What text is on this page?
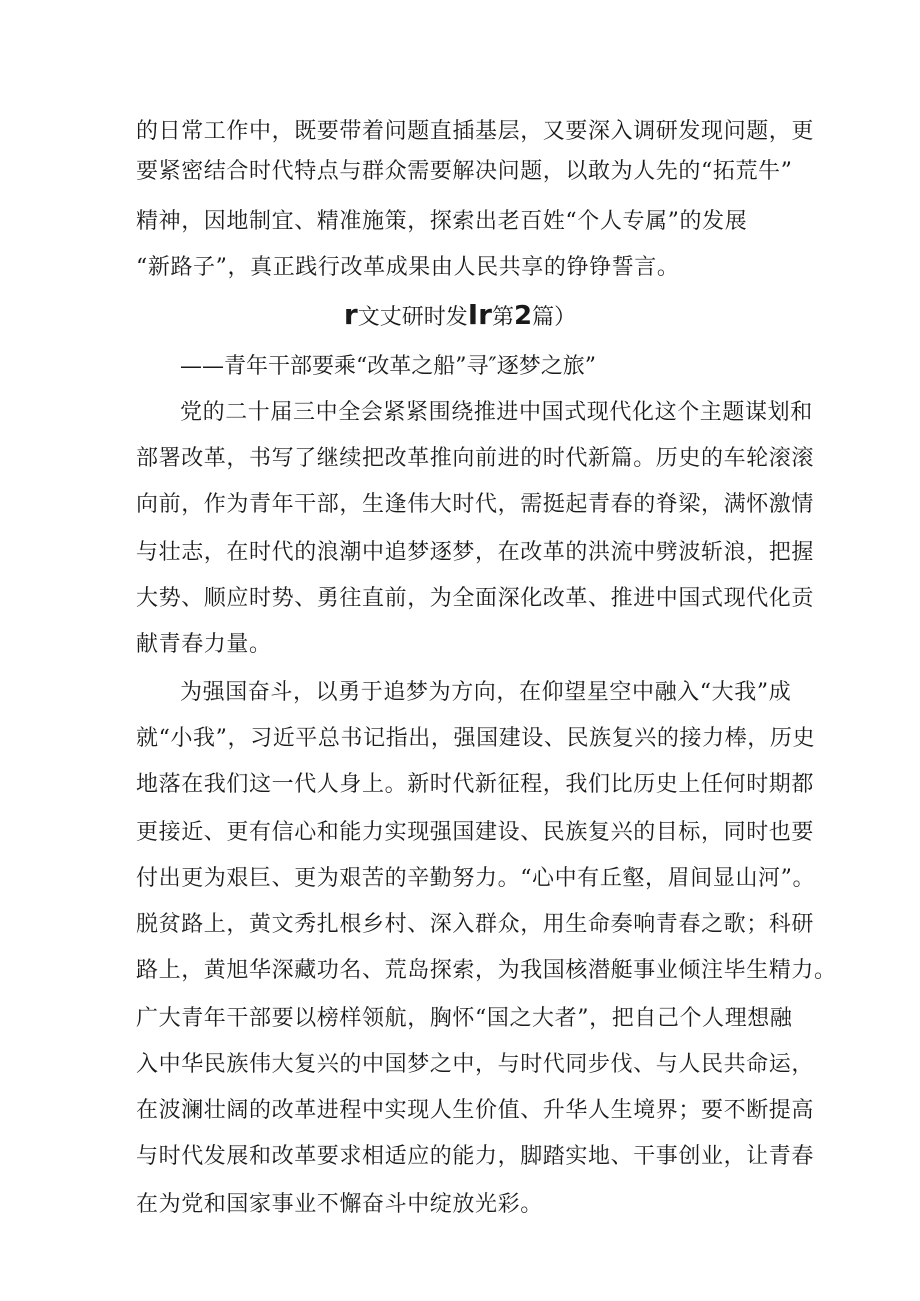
的日常工作中，既要带着问题直插基层，又要深入调研发现问题，更
要紧密结合时代特点与群众需要解决问题，以敢为人先的“拓荒牛”
精神，因地制宜、精准施策，探索出老百姓“个人专属”的发展
“新路子”，真正践行改革成果由人民共享的铮铮誓言。
r文丈研时发Ir第2篇）
——青年干部要乘“改革之船”寻″逐梦之旅”
党的二十届三中全会紧紧围绕推进中国式现代化这个主题谋划和
部署改革，书写了继续把改革推向前进的时代新篇。历史的车轮滚滚
向前，作为青年干部，生逢伟大时代，需挺起青春的脊梁，满怀激情
与壮志，在时代的浪潮中追梦逐梦，在改革的洪流中劈波斩浪，把握
大势、顺应时势、勇往直前，为全面深化改革、推进中国式现代化贡
献青春力量。
为强国奋斗，以勇于追梦为方向，在仰望星空中融入“大我”成
就“小我”，习近平总书记指出，强国建设、民族复兴的接力棒，历史
地落在我们这一代人身上。新时代新征程，我们比历史上任何时期都
更接近、更有信心和能力实现强国建设、民族复兴的目标，同时也要
付出更为艰巨、更为艰苦的辛勤努力。“心中有丘壑，眉间显山河”。
脱贫路上，黄文秀扎根乡村、深入群众，用生命奏响青春之歌；科研
路上，黄旭华深藏功名、荒岛探索，为我国核潜艇事业倾注毕生精力。
广大青年干部要以榜样领航，胸怀“国之大者”，把自己个人理想融
入中华民族伟大复兴的中国梦之中，与时代同步伐、与人民共命运，
在波澜壮阔的改革进程中实现人生价值、升华人生境界；要不断提高
与时代发展和改革要求相适应的能力，脚踏实地、干事创业，让青春
在为党和国家事业不懈奋斗中绽放光彩。
